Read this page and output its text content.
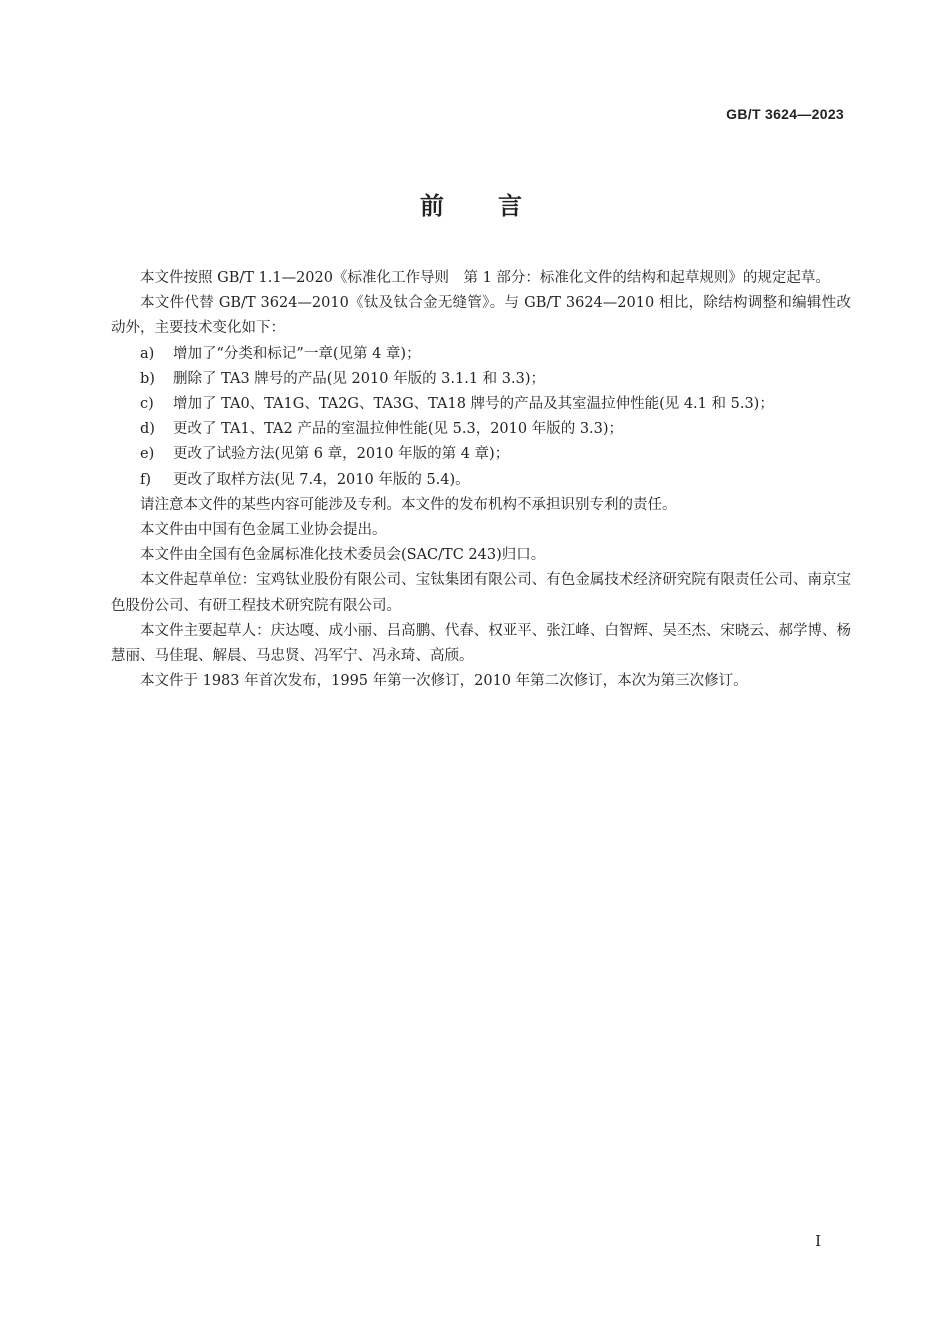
GB/T 3624—2023
前言

本文件按照 GB/T 1.1—2020《标准化工作导则　第 1 部分：标准化文件的结构和起草规则》的规定起草。

本文件代替 GB/T 3624—2010《钛及钛合金无缝管》。与 GB/T 3624—2010 相比，除结构调整和编辑性改动外，主要技术变化如下：

a)	增加了“分类和标记”一章(见第 4 章)；

b)	删除了 TA3 牌号的产品(见 2010 年版的 3.1.1 和 3.3)；

c)	增加了 TA0、TA1G、TA2G、TA3G、TA18 牌号的产品及其室温拉伸性能(见 4.1 和 5.3)；

d)	更改了 TA1、TA2 产品的室温拉伸性能(见 5.3，2010 年版的 3.3)；

e)	更改了试验方法(见第 6 章，2010 年版的第 4 章)；

f)	更改了取样方法(见 7.4，2010 年版的 5.4)。

请注意本文件的某些内容可能涉及专利。本文件的发布机构不承担识别专利的责任。

本文件由中国有色金属工业协会提出。

本文件由全国有色金属标准化技术委员会(SAC/TC 243)归口。

本文件起草单位：宝鸡钛业股份有限公司、宝钛集团有限公司、有色金属技术经济研究院有限责任公司、南京宝色股份公司、有研工程技术研究院有限公司。

本文件主要起草人：庆达嘎、成小丽、吕高鹏、代春、权亚平、张江峰、白智辉、吴丕杰、宋晓云、郝学博、杨慧丽、马佳琨、解晨、马忠贤、冯军宁、冯永琦、高颀。

本文件于 1983 年首次发布，1995 年第一次修订，2010 年第二次修订，本次为第三次修订。

I
